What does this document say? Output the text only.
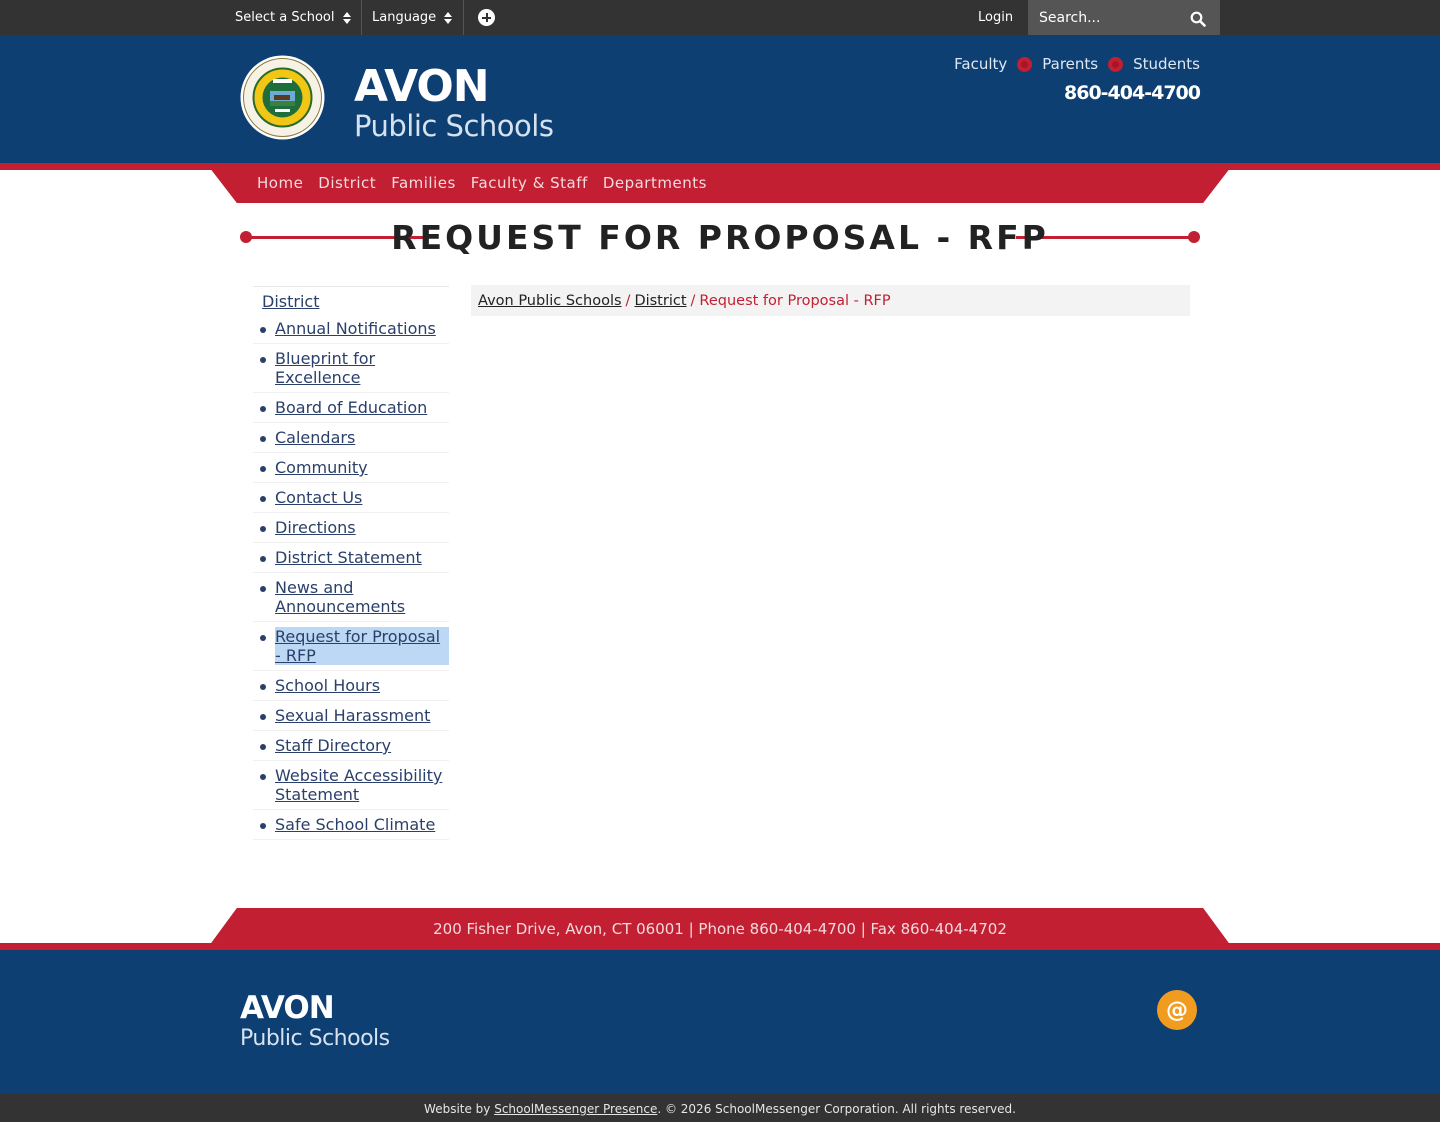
Select a School	Language	Login
Search...
AVON
Public Schools
Faculty Parents Students
860-404-4700
Home District Families Faculty & Staff Departments
REQUEST FOR PROPOSAL - RFP
District
Annual Notifications
Blueprint for Excellence
Board of Education
Calendars
Community
Contact Us
Directions
District Statement
News and Announcements
Request for Proposal - RFP
School Hours
Sexual Harassment
Staff Directory
Website Accessibility Statement
Safe School Climate
Avon Public Schools / District / Request for Proposal - RFP
200 Fisher Drive, Avon, CT 06001 | Phone 860-404-4700 | Fax 860-404-4702
AVON
Public Schools
@
Website by SchoolMessenger Presence. © 2026 SchoolMessenger Corporation. All rights reserved.
